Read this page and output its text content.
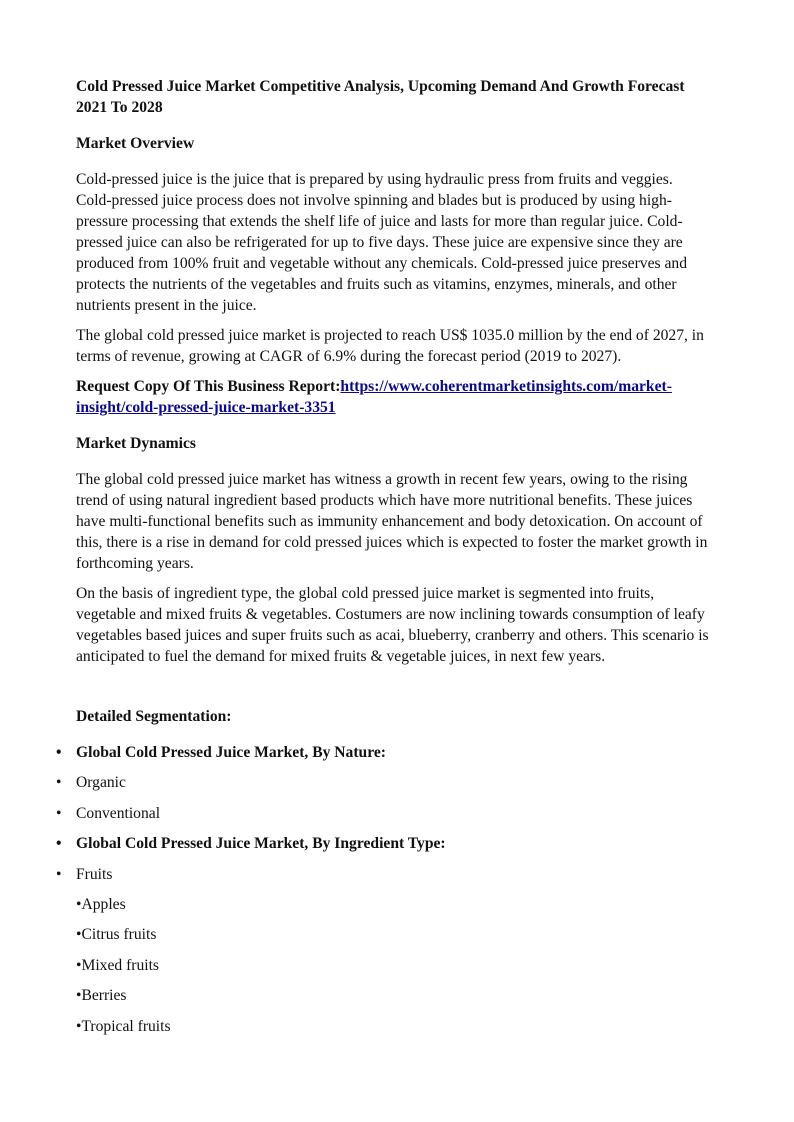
Cold Pressed Juice Market Competitive Analysis, Upcoming Demand And Growth Forecast 2021 To 2028

Market Overview

Cold-pressed juice is the juice that is prepared by using hydraulic press from fruits and veggies. Cold-pressed juice process does not involve spinning and blades but is produced by using high-pressure processing that extends the shelf life of juice and lasts for more than regular juice. Cold-pressed juice can also be refrigerated for up to five days. These juice are expensive since they are produced from 100% fruit and vegetable without any chemicals. Cold-pressed juice preserves and protects the nutrients of the vegetables and fruits such as vitamins, enzymes, minerals, and other nutrients present in the juice.

The global cold pressed juice market is projected to reach US$ 1035.0 million by the end of 2027, in terms of revenue, growing at CAGR of 6.9% during the forecast period (2019 to 2027).

Request Copy Of This Business Report:https://www.coherentmarketinsights.com/market-insight/cold-pressed-juice-market-3351

Market Dynamics

The global cold pressed juice market has witness a growth in recent few years, owing to the rising trend of using natural ingredient based products which have more nutritional benefits. These juices have multi-functional benefits such as immunity enhancement and body detoxication. On account of this, there is a rise in demand for cold pressed juices which is expected to foster the market growth in forthcoming years.

On the basis of ingredient type, the global cold pressed juice market is segmented into fruits, vegetable and mixed fruits & vegetables. Costumers are now inclining towards consumption of leafy vegetables based juices and super fruits such as acai, blueberry, cranberry and others. This scenario is anticipated to fuel the demand for mixed fruits & vegetable juices, in next few years.

Detailed Segmentation:

• Global Cold Pressed Juice Market, By Nature:
• Organic
• Conventional
• Global Cold Pressed Juice Market, By Ingredient Type:
• Fruits

•Apples

•Citrus fruits

•Mixed fruits

•Berries

•Tropical fruits
